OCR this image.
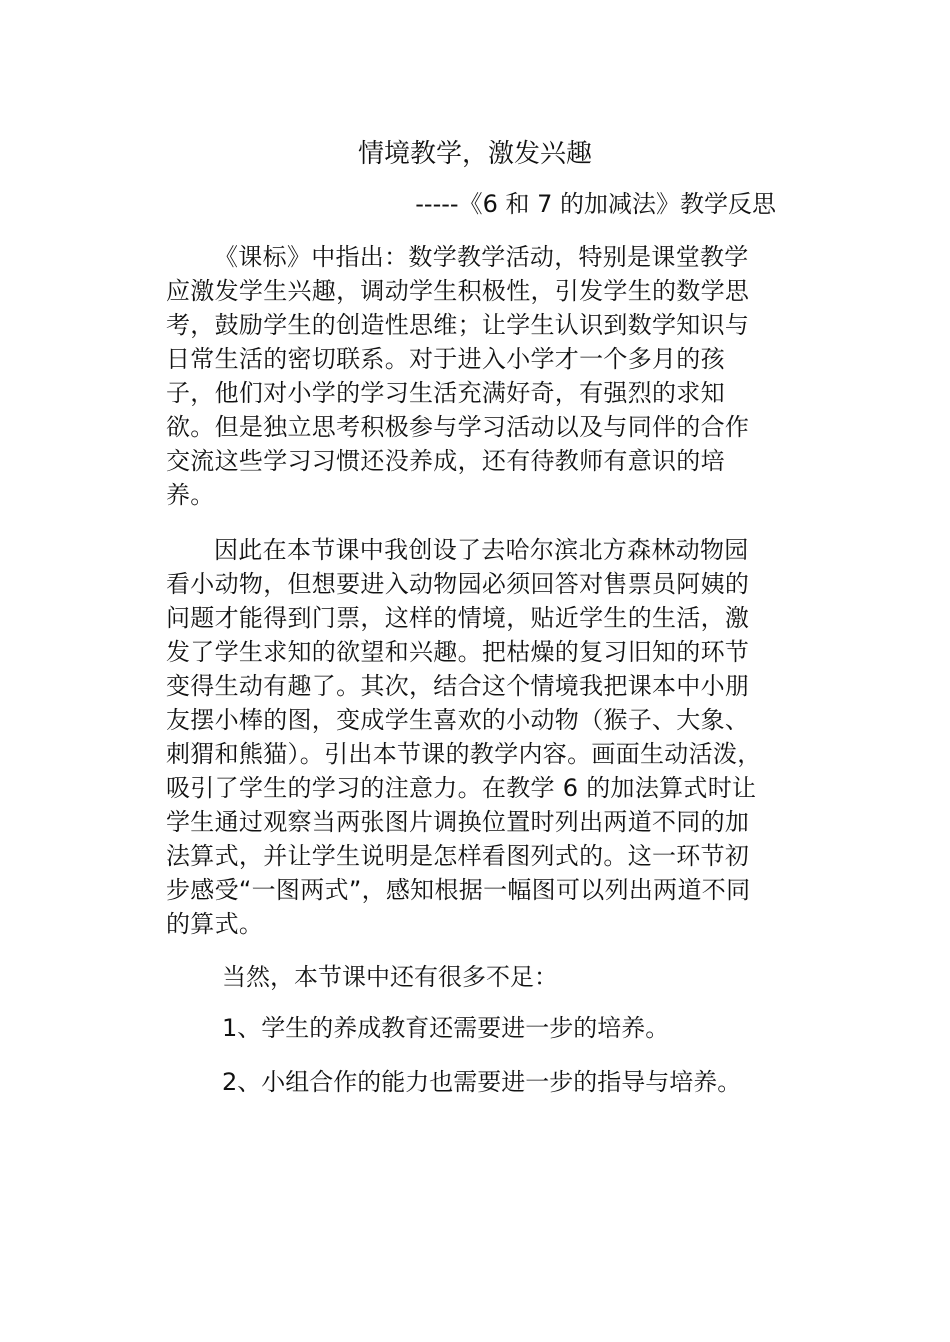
情境教学，激发兴趣

-----《6 和 7 的加减法》教学反思

《课标》中指出：数学教学活动，特别是课堂教学应激发学生兴趣，调动学生积极性，引发学生的数学思考，鼓励学生的创造性思维；让学生认识到数学知识与日常生活的密切联系。对于进入小学才一个多月的孩子，他们对小学的学习生活充满好奇，有强烈的求知欲。但是独立思考积极参与学习活动以及与同伴的合作交流这些学习习惯还没养成，还有待教师有意识的培养。

因此在本节课中我创设了去哈尔滨北方森林动物园看小动物，但想要进入动物园必须回答对售票员阿姨的问题才能得到门票，这样的情境，贴近学生的生活，激发了学生求知的欲望和兴趣。把枯燥的复习旧知的环节变得生动有趣了。其次，结合这个情境我把课本中小朋友摆小棒的图，变成学生喜欢的小动物（猴子、大象、刺猬和熊猫）。引出本节课的教学内容。画面生动活泼，吸引了学生的学习的注意力。在教学 6 的加法算式时让学生通过观察当两张图片调换位置时列出两道不同的加法算式，并让学生说明是怎样看图列式的。这一环节初步感受“一图两式”，感知根据一幅图可以列出两道不同的算式。

当然，本节课中还有很多不足：

1、学生的养成教育还需要进一步的培养。

2、小组合作的能力也需要进一步的指导与培养。
